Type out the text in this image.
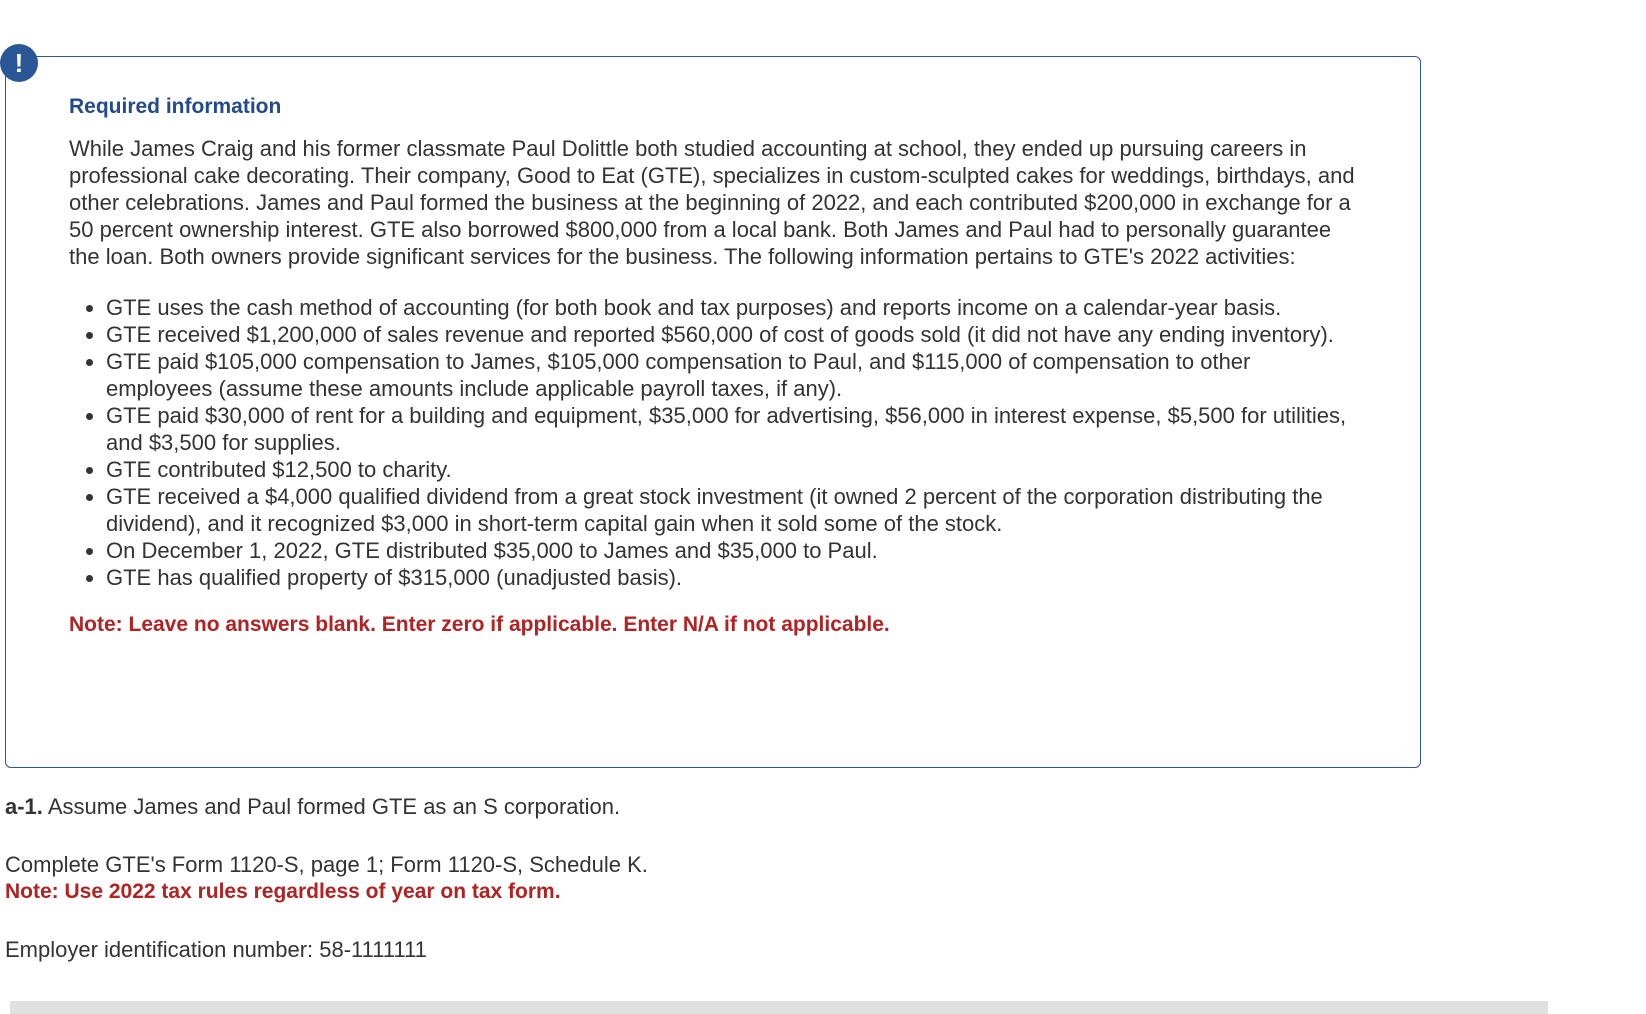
!
Required information

While James Craig and his former classmate Paul Dolittle both studied accounting at school, they ended up pursuing careers in professional cake decorating. Their company, Good to Eat (GTE), specializes in custom-sculpted cakes for weddings, birthdays, and other celebrations. James and Paul formed the business at the beginning of 2022, and each contributed $200,000 in exchange for a 50 percent ownership interest. GTE also borrowed $800,000 from a local bank. Both James and Paul had to personally guarantee the loan. Both owners provide significant services for the business. The following information pertains to GTE's 2022 activities:

• GTE uses the cash method of accounting (for both book and tax purposes) and reports income on a calendar-year basis.
• GTE received $1,200,000 of sales revenue and reported $560,000 of cost of goods sold (it did not have any ending inventory).
• GTE paid $105,000 compensation to James, $105,000 compensation to Paul, and $115,000 of compensation to other employees (assume these amounts include applicable payroll taxes, if any).
• GTE paid $30,000 of rent for a building and equipment, $35,000 for advertising, $56,000 in interest expense, $5,500 for utilities, and $3,500 for supplies.
• GTE contributed $12,500 to charity.
• GTE received a $4,000 qualified dividend from a great stock investment (it owned 2 percent of the corporation distributing the dividend), and it recognized $3,000 in short-term capital gain when it sold some of the stock.
• On December 1, 2022, GTE distributed $35,000 to James and $35,000 to Paul.
• GTE has qualified property of $315,000 (unadjusted basis).
Note: Leave no answers blank. Enter zero if applicable. Enter N/A if not applicable.
a-1. Assume James and Paul formed GTE as an S corporation.
Complete GTE's Form 1120-S, page 1; Form 1120-S, Schedule K.
Note: Use 2022 tax rules regardless of year on tax form.
Employer identification number: 58-1111111
